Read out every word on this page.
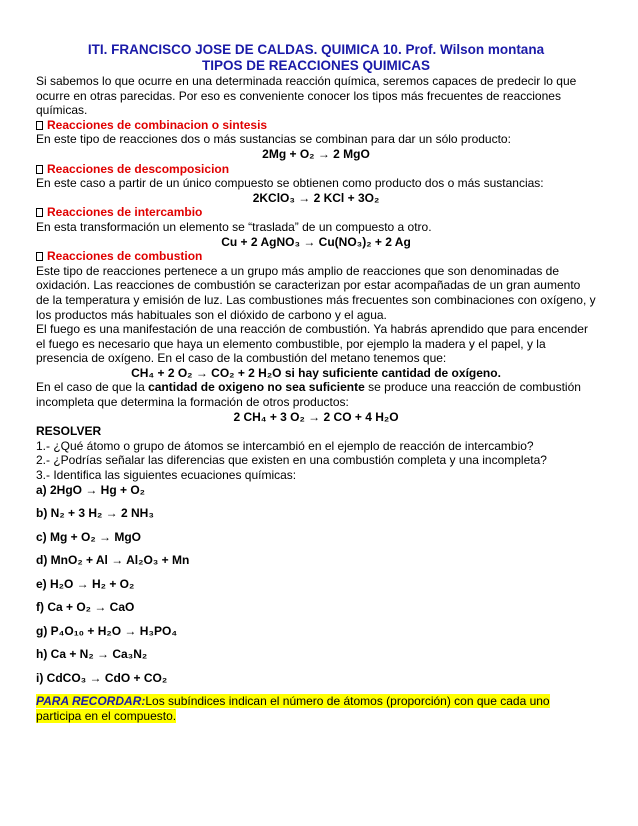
ITI. FRANCISCO JOSE DE CALDAS. QUIMICA 10. Prof. Wilson montana
TIPOS DE REACCIONES QUIMICAS

Si sabemos lo que ocurre en una determinada reacción química, seremos capaces de predecir lo que ocurre en otras parecidas. Por eso es conveniente conocer los tipos más frecuentes de reacciones químicas.

Reacciones de combinacion o sintesis

En este tipo de reacciones dos o más sustancias se combinan para dar un sólo producto:

2Mg + O₂ → 2 MgO

Reacciones de descomposicion

En este caso a partir de un único compuesto se obtienen como producto dos o más sustancias:

2KClO₃ → 2 KCl + 3O₂

Reacciones de intercambio

En esta transformación un elemento se “traslada” de un compuesto a otro.

Cu + 2 AgNO₃ → Cu(NO₃)₂ + 2 Ag

Reacciones de combustion

Este tipo de reacciones pertenece a un grupo más amplio de reacciones que son denominadas de oxidación. Las reacciones de combustión se caracterizan por estar acompañadas de un gran aumento de la temperatura y emisión de luz. Las combustiones más frecuentes son combinaciones con oxígeno, y los productos más habituales son el dióxido de carbono y el agua.

El fuego es una manifestación de una reacción de combustión. Ya habrás aprendido que para encender el fuego es necesario que haya un elemento combustible, por ejemplo la madera y el papel, y la presencia de oxígeno. En el caso de la combustión del metano tenemos que:

CH₄ + 2 O₂ → CO₂ + 2 H₂O si hay suficiente cantidad de oxígeno.

En el caso de que la cantidad de oxigeno no sea suficiente se produce una reacción de combustión incompleta que determina la formación de otros productos:

2 CH₄ + 3 O₂ → 2 CO + 4 H₂O

RESOLVER

1.- ¿Qué átomo o grupo de átomos se intercambió en el ejemplo de reacción de intercambio?

2.- ¿Podrías señalar las diferencias que existen en una combustión completa y una incompleta?

3.- Identifica las siguientes ecuaciones químicas:

a) 2HgO → Hg + O₂

b) N₂ + 3 H₂ → 2 NH₃

c) Mg + O₂ → MgO

d) MnO₂ + Al → Al₂O₃ + Mn

e) H₂O → H₂ + O₂

f) Ca + O₂ → CaO

g) P₄O₁₀ + H₂O → H₃PO₄

h) Ca + N₂ → Ca₃N₂

i) CdCO₃ → CdO + CO₂

PARA RECORDAR:Los subíndices indican el número de átomos (proporción) con que cada uno participa en el compuesto.
